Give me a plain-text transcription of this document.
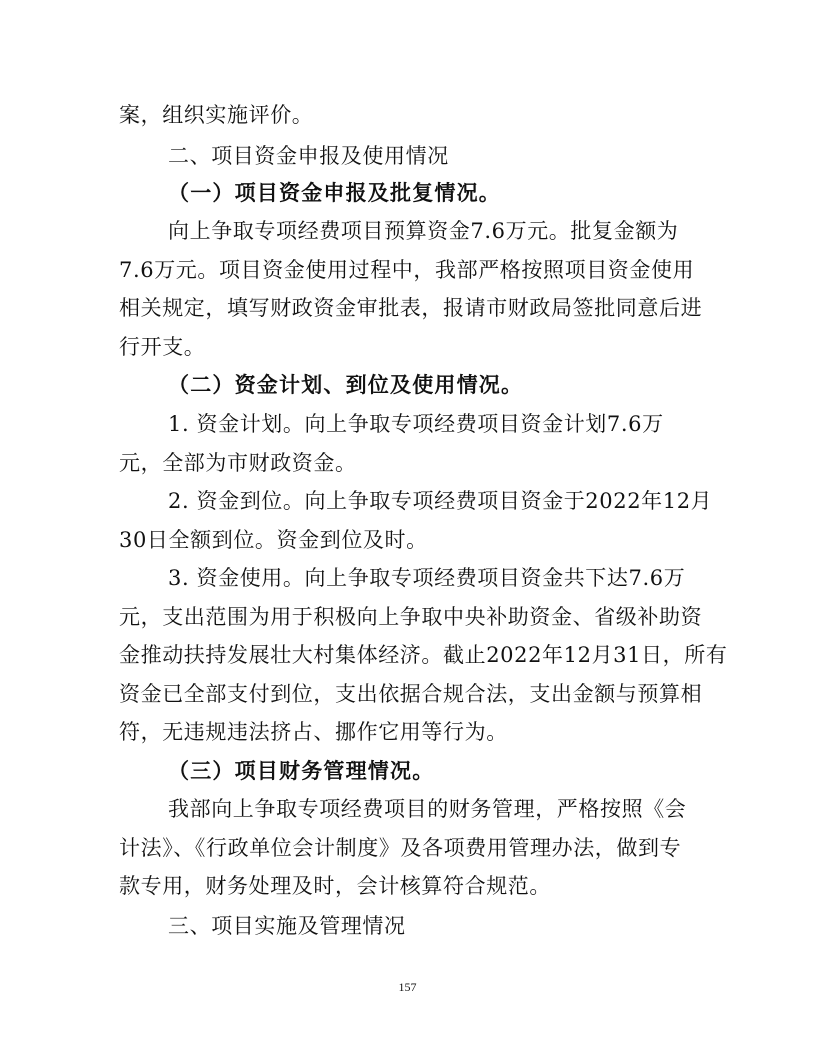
案，组织实施评价。
二、项目资金申报及使用情况
（一）项目资金申报及批复情况。
向上争取专项经费项目预算资金7.6万元。批复金额为
7.6万元。项目资金使用过程中，我部严格按照项目资金使用
相关规定，填写财政资金审批表，报请市财政局签批同意后进
行开支。
（二）资金计划、到位及使用情况。
1. 资金计划。向上争取专项经费项目资金计划7.6万
元，全部为市财政资金。
2. 资金到位。向上争取专项经费项目资金于2022年12月
30日全额到位。资金到位及时。
3. 资金使用。向上争取专项经费项目资金共下达7.6万
元，支出范围为用于积极向上争取中央补助资金、省级补助资
金推动扶持发展壮大村集体经济。截止2022年12月31日，所有
资金已全部支付到位，支出依据合规合法，支出金额与预算相
符，无违规违法挤占、挪作它用等行为。
（三）项目财务管理情况。
我部向上争取专项经费项目的财务管理，严格按照《会
计法》、《行政单位会计制度》及各项费用管理办法，做到专
款专用，财务处理及时，会计核算符合规范。
三、项目实施及管理情况
157
